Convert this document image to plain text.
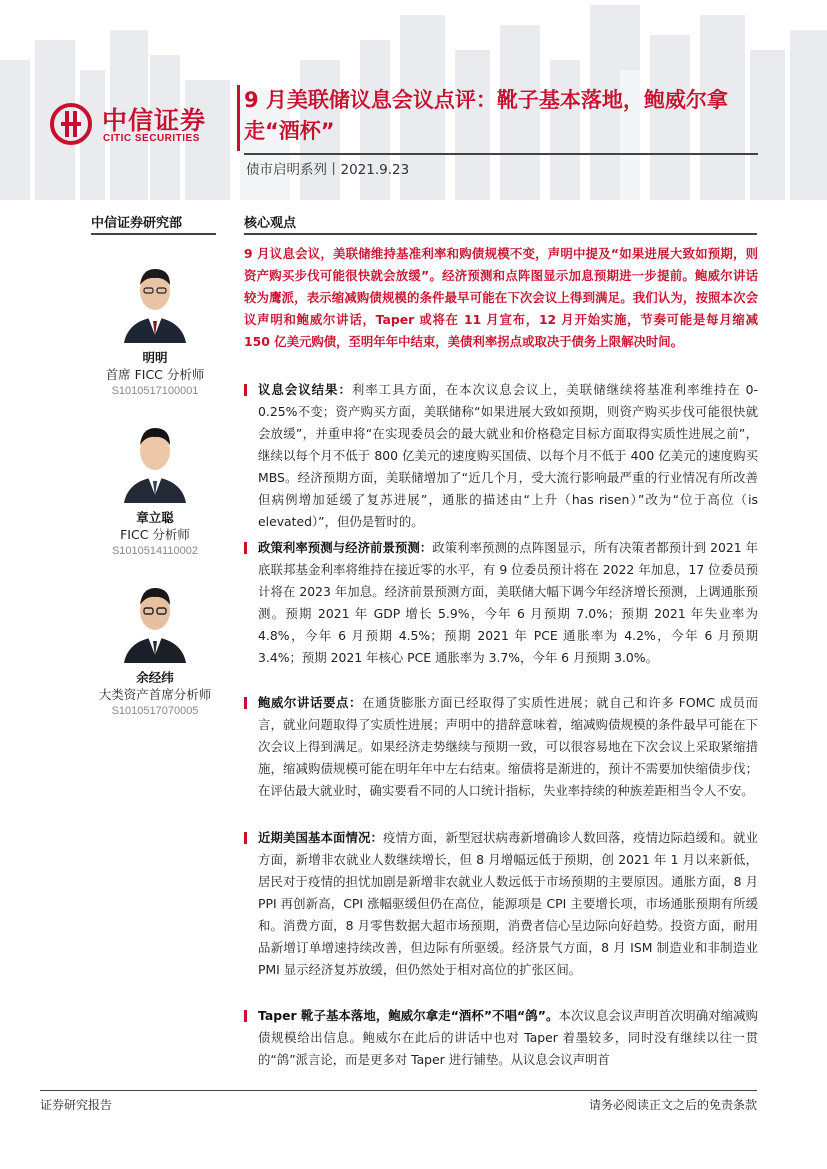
中信证券
CITIC SECURITIES
9 月美联储议息会议点评：靴子基本落地，鲍威尔拿走“酒杯”
债市启明系列丨2021.9.23
中信证券研究部	核心观点
明明
首席 FICC 分析师
S1010517100001
章立聪
FICC 分析师
S1010514110002
余经纬
大类资产首席分析师
S1010517070005
9 月议息会议，美联储维持基准利率和购债规模不变，声明中提及“如果进展大致如预期，则资产购买步伐可能很快就会放缓”。经济预测和点阵图显示加息预期进一步提前。鲍威尔讲话较为鹰派，表示缩减购债规模的条件最早可能在下次会议上得到满足。我们认为，按照本次会议声明和鲍威尔讲话，Taper 或将在 11 月宣布，12 月开始实施，节奏可能是每月缩减 150 亿美元购债，至明年年中结束，美债利率拐点或取决于债务上限解决时间。
议息会议结果：利率工具方面，在本次议息会议上，美联储继续将基准利率维持在 0-0.25%不变；资产购买方面，美联储称“如果进展大致如预期，则资产购买步伐可能很快就会放缓”，并重申将“在实现委员会的最大就业和价格稳定目标方面取得实质性进展之前”，继续以每个月不低于 800 亿美元的速度购买国债、以每个月不低于 400 亿美元的速度购买 MBS。经济预期方面，美联储增加了“近几个月，受大流行影响最严重的行业情况有所改善但病例增加延缓了复苏进展”，通胀的描述由“上升（has risen）”改为“位于高位（is elevated）”，但仍是暂时的。
政策利率预测与经济前景预测：政策利率预测的点阵图显示，所有决策者都预计到 2021 年底联邦基金利率将维持在接近零的水平，有 9 位委员预计将在 2022 年加息，17 位委员预计将在 2023 年加息。经济前景预测方面，美联储大幅下调今年经济增长预测，上调通胀预测。预期 2021 年 GDP 增长 5.9%，今年 6 月预期 7.0%；预期 2021 年失业率为 4.8%，今年 6 月预期 4.5%；预期 2021 年 PCE 通胀率为 4.2%，今年 6 月预期 3.4%；预期 2021 年核心 PCE 通胀率为 3.7%，今年 6 月预期 3.0%。
鲍威尔讲话要点：在通货膨胀方面已经取得了实质性进展；就自己和许多 FOMC 成员而言，就业问题取得了实质性进展；声明中的措辞意味着，缩减购债规模的条件最早可能在下次会议上得到满足。如果经济走势继续与预期一致，可以很容易地在下次会议上采取紧缩措施，缩减购债规模可能在明年年中左右结束。缩债将是渐进的，预计不需要加快缩债步伐；在评估最大就业时，确实要看不同的人口统计指标，失业率持续的种族差距相当令人不安。
近期美国基本面情况：疫情方面，新型冠状病毒新增确诊人数回落，疫情边际趋缓和。就业方面，新增非农就业人数继续增长，但 8 月增幅远低于预期，创 2021 年 1 月以来新低，居民对于疫情的担忧加剧是新增非农就业人数远低于市场预期的主要原因。通胀方面，8 月 PPI 再创新高，CPI 涨幅驱缓但仍在高位，能源项是 CPI 主要增长项，市场通胀预期有所缓和。消费方面，8 月零售数据大超市场预期，消费者信心呈边际向好趋势。投资方面，耐用品新增订单增速持续改善，但边际有所驱缓。经济景气方面，8 月 ISM 制造业和非制造业 PMI 显示经济复苏放缓，但仍然处于相对高位的扩张区间。
Taper 靴子基本落地，鲍威尔拿走“酒杯”不唱“鸽”。本次议息会议声明首次明确对缩减购债规模给出信息。鲍威尔在此后的讲话中也对 Taper 着墨较多，同时没有继续以往一贯的“鸽”派言论，而是更多对 Taper 进行铺垫。从议息会议声明首
证券研究报告	请务必阅读正文之后的免责条款
